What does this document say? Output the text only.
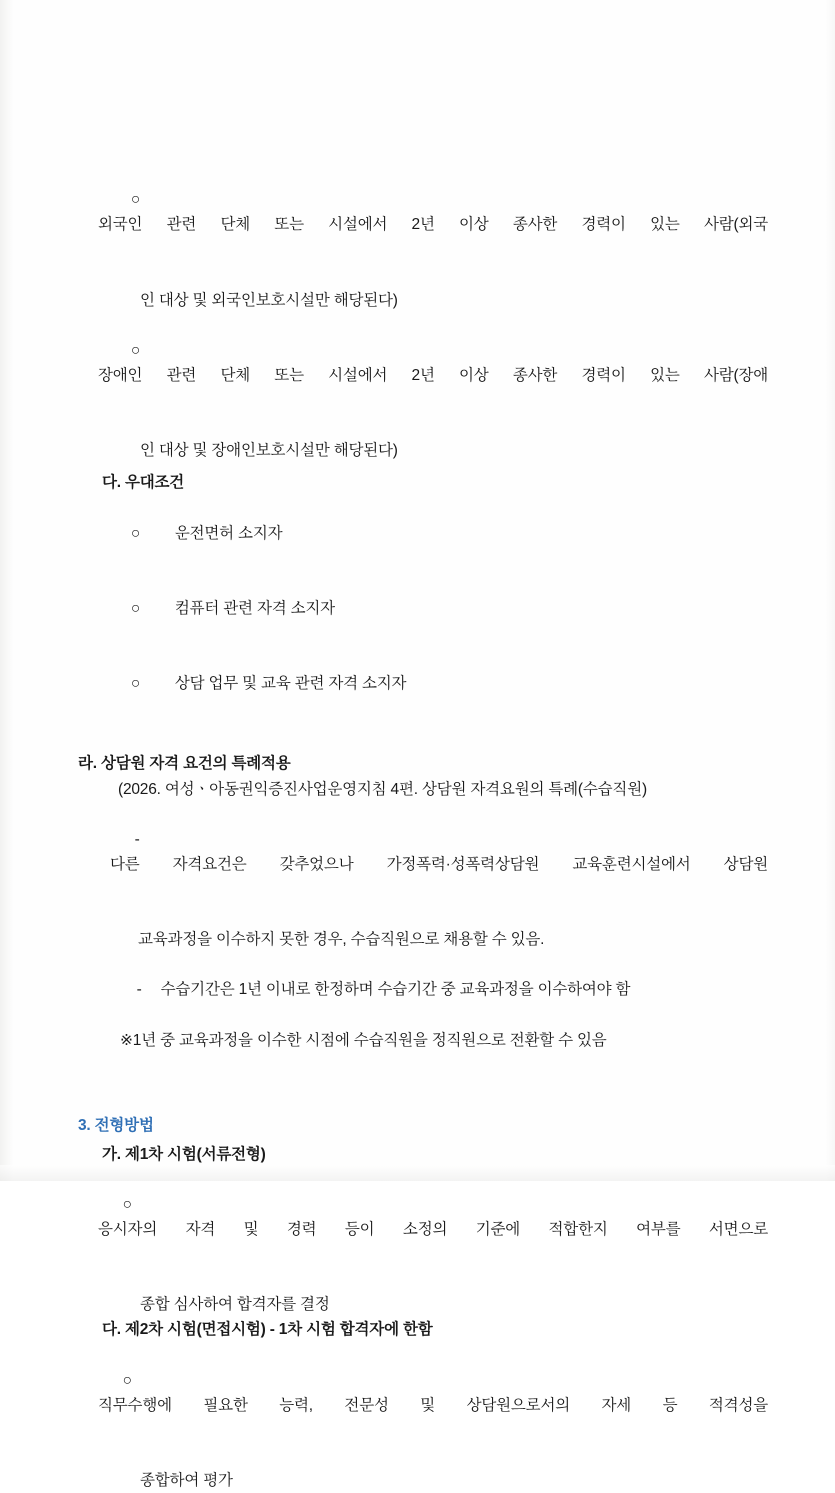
○
외국인 관련 단체 또는 시설에서 2년 이상 종사한 경력이 있는 사람(외국

인 대상 및 외국인보호시설만 해당된다)

○
장애인 관련 단체 또는 시설에서 2년 이상 종사한 경력이 있는 사람(장애

인 대상 및 장애인보호시설만 해당된다)
다. 우대조건

○ 운전면허 소지자

○ 컴퓨터 관련 자격 소지자

○ 상담 업무 및 교육 관련 자격 소지자

라. 상담원 자격 요건의 특례적용
(2026. 여성ㆍ아동권익증진사업운영지침 4편. 상담원 자격요원의 특례(수습직원)

-
다른 자격요건은 갖추었으나 가정폭력·성폭력상담원 교육훈련시설에서 상담원

교육과정을 이수하지 못한 경우, 수습직원으로 채용할 수 있음.

- 수습기간은 1년 이내로 한정하며 수습기간 중 교육과정을 이수하여야 함

※1년 중 교육과정을 이수한 시점에 수습직원을 정직원으로 전환할 수 있음
3. 전형방법
가. 제1차 시험(서류전형)

○
응시자의 자격 및 경력 등이 소정의 기준에 적합한지 여부를 서면으로

종합 심사하여 합격자를 결정
다. 제2차 시험(면접시험) - 1차 시험 합격자에 한함

○
직무수행에 필요한 능력, 전문성 및 상담원으로서의 자세 등 적격성을

종합하여 평가
